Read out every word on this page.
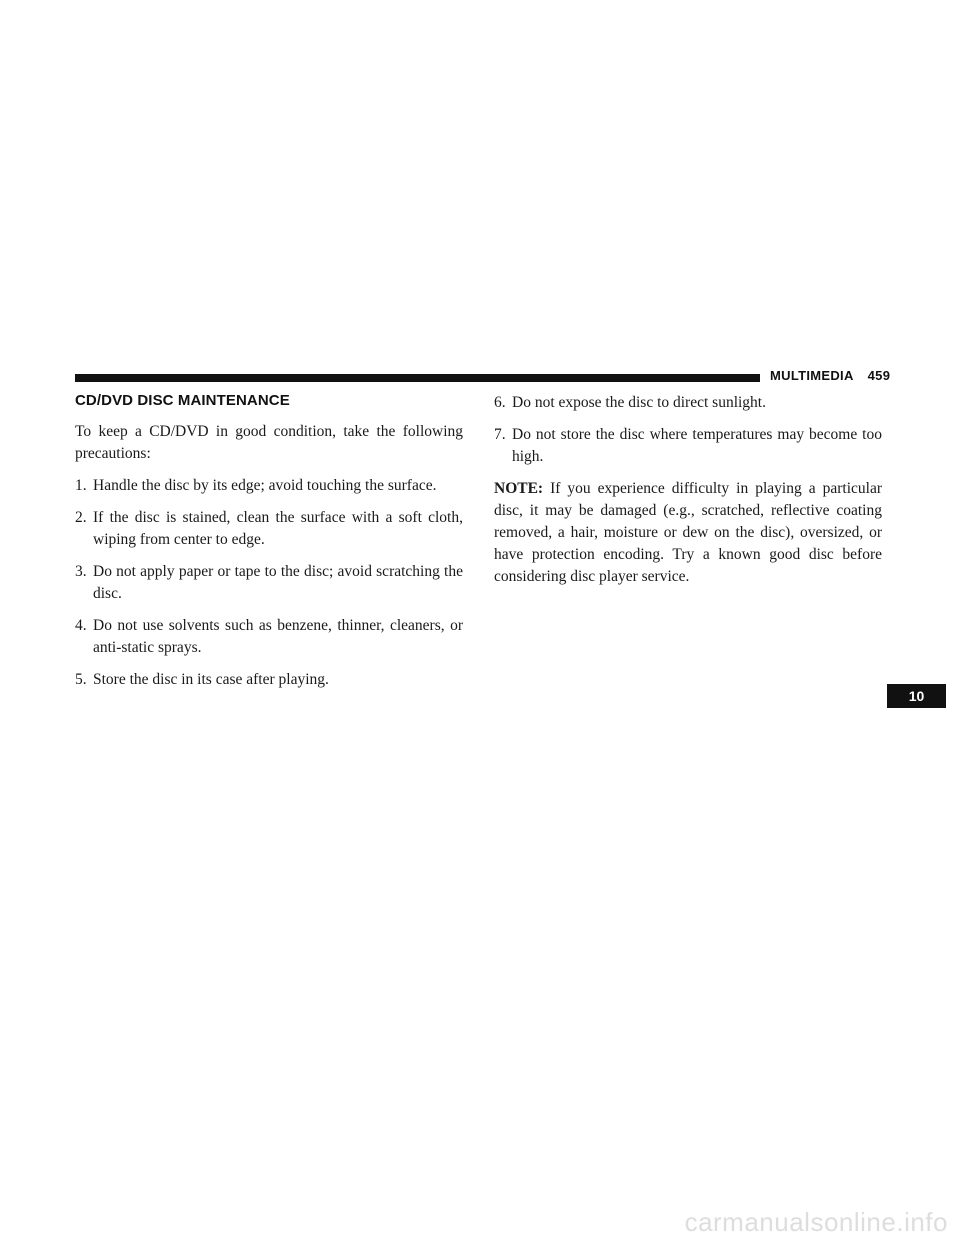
MULTIMEDIA 459
CD/DVD DISC MAINTENANCE

To keep a CD/DVD in good condition, take the following precautions:

1. Handle the disc by its edge; avoid touching the surface.
2. If the disc is stained, clean the surface with a soft cloth, wiping from center to edge.
3. Do not apply paper or tape to the disc; avoid scratching the disc.
4. Do not use solvents such as benzene, thinner, cleaners, or anti-static sprays.
5. Store the disc in its case after playing.
6. Do not expose the disc to direct sunlight.
7. Do not store the disc where temperatures may become too high.

NOTE: If you experience difficulty in playing a particular disc, it may be damaged (e.g., scratched, reflective coating removed, a hair, moisture or dew on the disc), oversized, or have protection encoding. Try a known good disc before considering disc player service.

10
carmanualsonline.info
